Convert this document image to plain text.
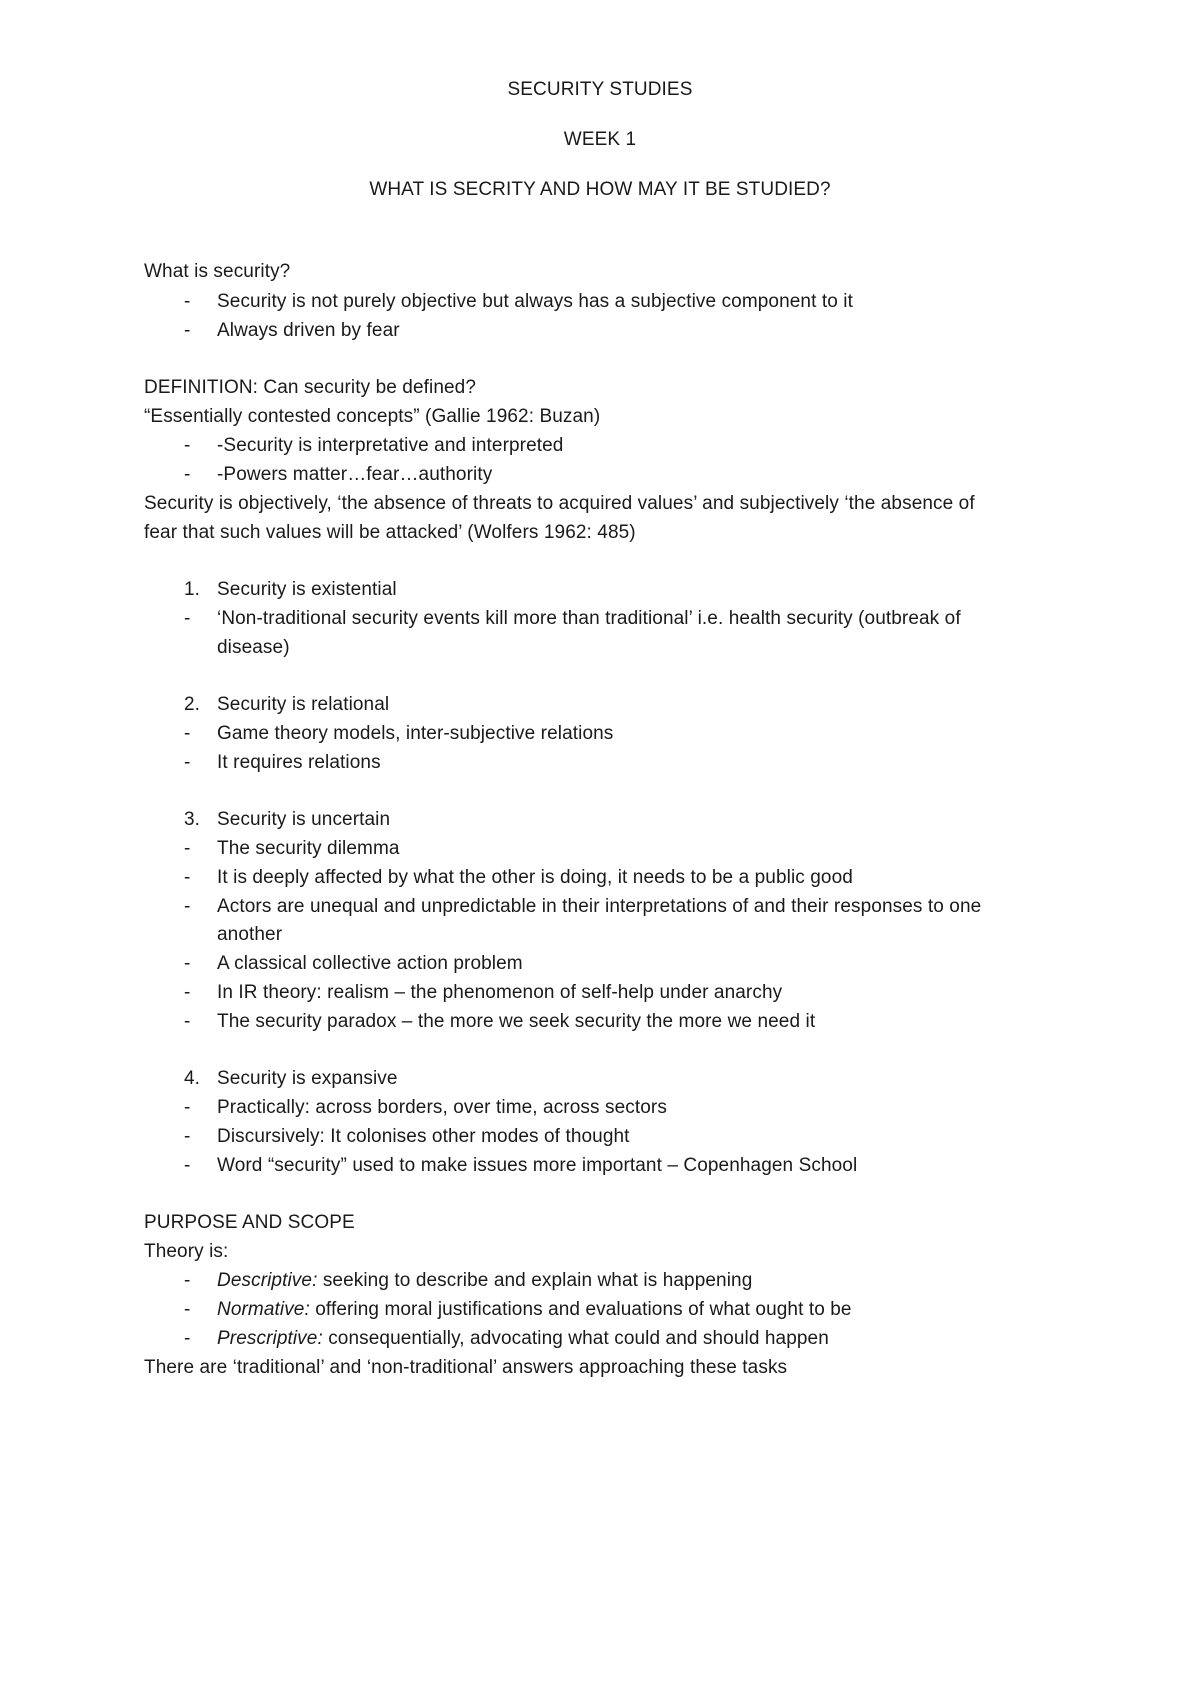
SECURITY STUDIES
WEEK 1
WHAT IS SECRITY AND HOW MAY IT BE STUDIED?
What is security?
- Security is not purely objective but always has a subjective component to it
- Always driven by fear
DEFINITION: Can security be defined?
“Essentially contested concepts” (Gallie 1962: Buzan)
- -Security is interpretative and interpreted
- -Powers matter…fear…authority
Security is objectively, ‘the absence of threats to acquired values’ and subjectively ‘the absence of
fear that such values will be attacked’ (Wolfers 1962: 485)
1. Security is existential
- ‘Non-traditional security events kill more than traditional’ i.e. health security (outbreak of
disease)
2. Security is relational
- Game theory models, inter-subjective relations
- It requires relations
3. Security is uncertain
- The security dilemma
- It is deeply affected by what the other is doing, it needs to be a public good
- Actors are unequal and unpredictable in their interpretations of and their responses to one
another
- A classical collective action problem
- In IR theory: realism – the phenomenon of self-help under anarchy
- The security paradox – the more we seek security the more we need it
4. Security is expansive
- Practically: across borders, over time, across sectors
- Discursively: It colonises other modes of thought
- Word “security” used to make issues more important – Copenhagen School
PURPOSE AND SCOPE
Theory is:
- Descriptive: seeking to describe and explain what is happening
- Normative: offering moral justifications and evaluations of what ought to be
- Prescriptive: consequentially, advocating what could and should happen
There are ‘traditional’ and ‘non-traditional’ answers approaching these tasks
